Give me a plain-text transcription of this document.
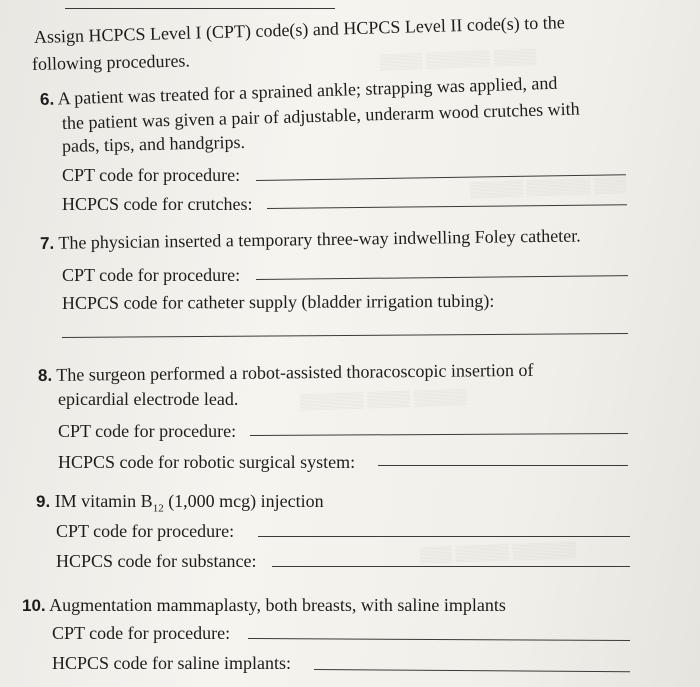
▒▒▒▒ ▒▒▒▒▒▒ ▒▒▒▒
▒▒▒▒▒ ▒▒▒▒▒▒ ▒▒▒
▒▒▒▒▒▒ ▒▒▒▒ ▒▒▒▒▒
▒▒▒ ▒▒▒▒▒ ▒▒▒▒▒▒
Assign HCPCS Level I (CPT) code(s) and HCPCS Level II code(s) to the
following procedures.
6. A patient was treated for a sprained ankle; strapping was applied, and
the patient was given a pair of adjustable, underarm wood crutches with
pads, tips, and handgrips.
CPT code for procedure:
HCPCS code for crutches:
7. The physician inserted a temporary three-way indwelling Foley catheter.
CPT code for procedure:
HCPCS code for catheter supply (bladder irrigation tubing):
8. The surgeon performed a robot-assisted thoracoscopic insertion of
epicardial electrode lead.
CPT code for procedure:
HCPCS code for robotic surgical system:
9. IM vitamin $B_{12}$ (1,000 mcg) injection
CPT code for procedure:
HCPCS code for substance:
10. Augmentation mammaplasty, both breasts, with saline implants
CPT code for procedure:
HCPCS code for saline implants:
